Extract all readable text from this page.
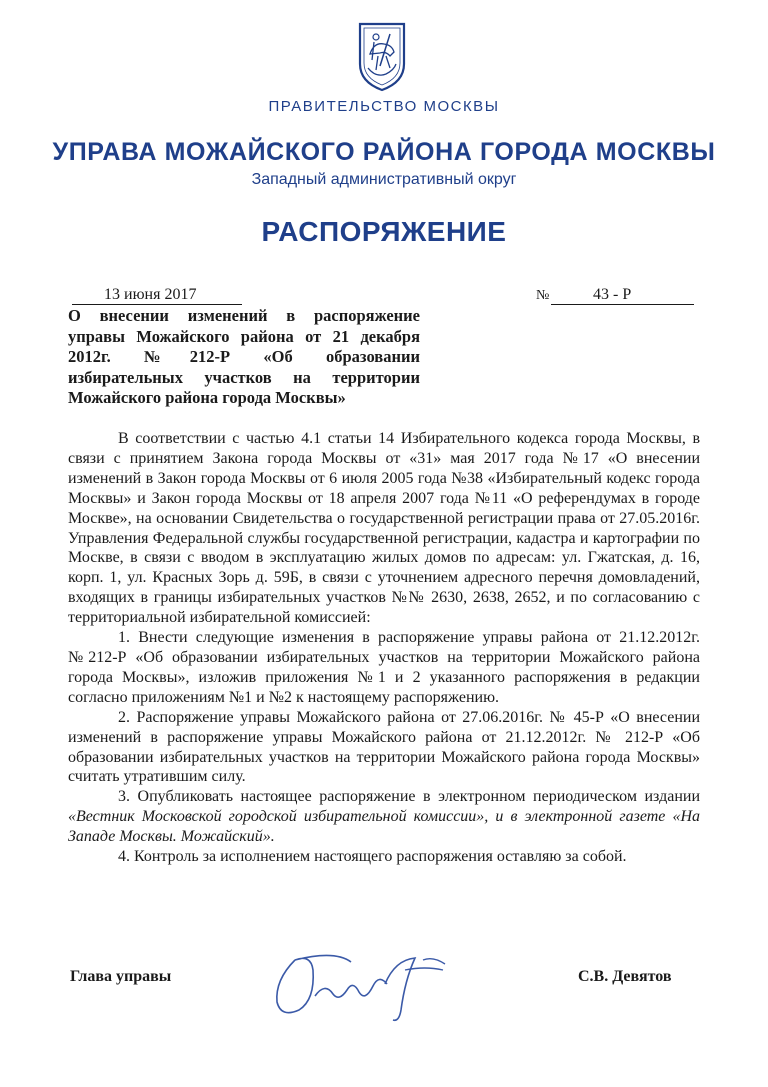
ПРАВИТЕЛЬСТВО МОСКВЫ
УПРАВА МОЖАЙСКОГО РАЙОНА ГОРОДА МОСКВЫ
Западный административный округ
РАСПОРЯЖЕНИЕ
13 июня 2017	№	43 - Р
О внесении изменений в распоряжение
управы Можайского района от 21 декабря
2012г. №212-Р «Об образовании
избирательных участков на территории
Можайского района города Москвы»

В соответствии с частью 4.1 статьи 14 Избирательного кодекса города Москвы, в связи с принятием Закона города Москвы от «31» мая 2017 года №17 «О внесении изменений в Закон города Москвы от 6 июля 2005 года №38 «Избирательный кодекс города Москвы» и Закон города Москвы от 18 апреля 2007 года №11 «О референдумах в городе Москве», на основании Свидетельства о государственной регистрации права от 27.05.2016г. Управления Федеральной службы государственной регистрации, кадастра и картографии по Москве, в связи с вводом в эксплуатацию жилых домов по адресам: ул. Гжатская, д. 16, корп. 1, ул. Красных Зорь д. 59Б, в связи с уточнением адресного перечня домовладений, входящих в границы избирательных участков №№ 2630, 2638, 2652, и по согласованию с территориальной избирательной комиссией:

1. Внести следующие изменения в распоряжение управы района от 21.12.2012г. №212-Р «Об образовании избирательных участков на территории Можайского района города Москвы», изложив приложения №1 и 2 указанного распоряжения в редакции согласно приложениям №1 и №2 к настоящему распоряжению.

2. Распоряжение управы Можайского района от 27.06.2016г. № 45-Р «О внесении изменений в распоряжение управы Можайского района от 21.12.2012г. № 212-Р «Об образовании избирательных участков на территории Можайского района города Москвы» считать утратившим силу.

3. Опубликовать настоящее распоряжение в электронном периодическом издании «Вестник Московской городской избирательной комиссии», и в электронной газете «На Западе Москвы. Можайский».

4. Контроль за исполнением настоящего распоряжения оставляю за собой.

Глава управы	С.В. Девятов
